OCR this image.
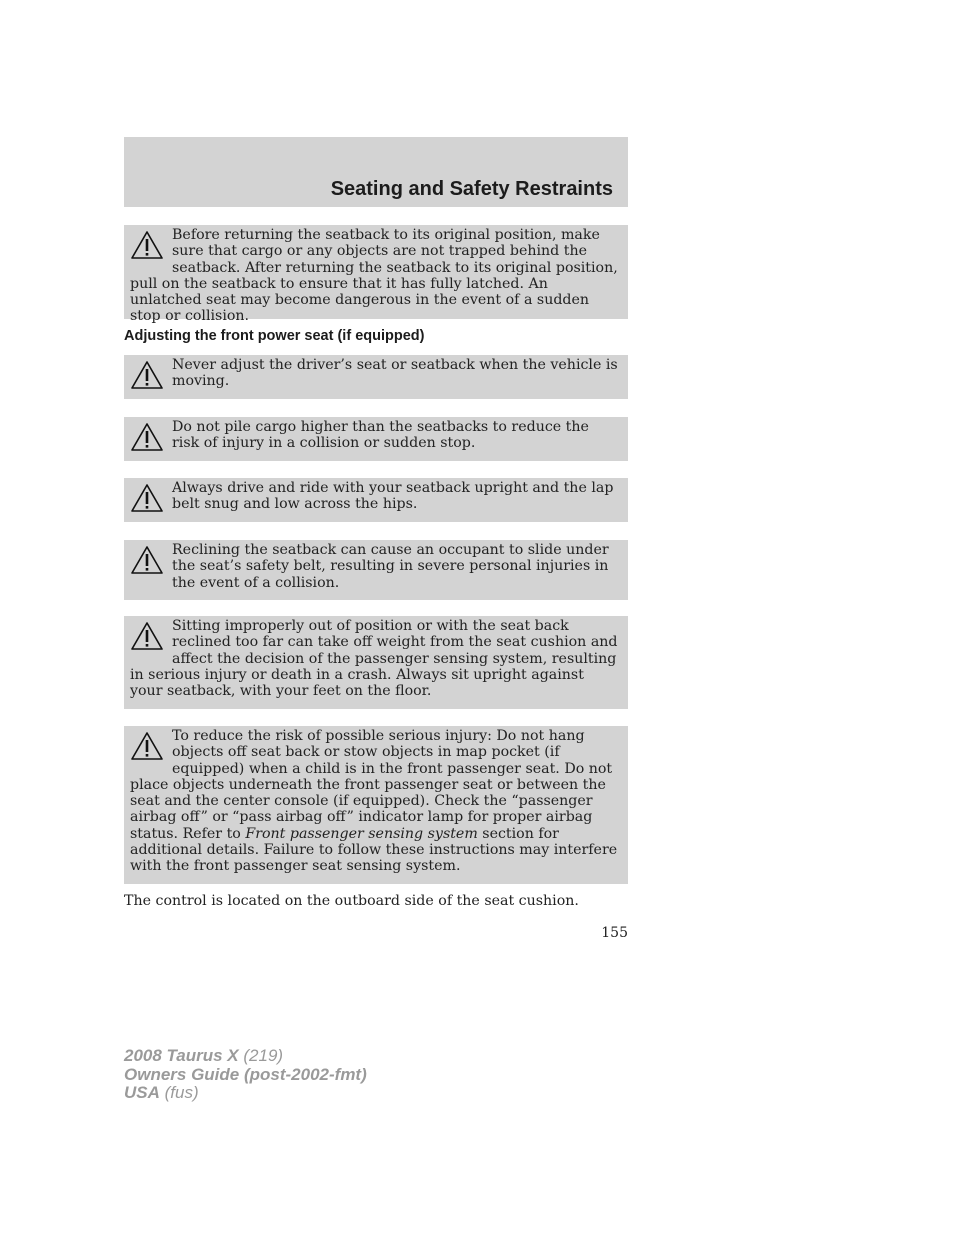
Seating and Safety Restraints
Before returning the seatback to its original position, make sure that cargo or any objects are not trapped behind the seatback. After returning the seatback to its original position, pull on the seatback to ensure that it has fully latched. An unlatched seat may become dangerous in the event of a sudden stop or collision.
Adjusting the front power seat (if equipped)
Never adjust the driver’s seat or seatback when the vehicle is moving.
Do not pile cargo higher than the seatbacks to reduce the risk of injury in a collision or sudden stop.
Always drive and ride with your seatback upright and the lap belt snug and low across the hips.
Reclining the seatback can cause an occupant to slide under the seat’s safety belt, resulting in severe personal injuries in the event of a collision.
Sitting improperly out of position or with the seat back reclined too far can take off weight from the seat cushion and affect the decision of the passenger sensing system, resulting in serious injury or death in a crash. Always sit upright against your seatback, with your feet on the floor.
To reduce the risk of possible serious injury: Do not hang objects off seat back or stow objects in map pocket (if equipped) when a child is in the front passenger seat. Do not place objects underneath the front passenger seat or between the seat and the center console (if equipped). Check the “passenger airbag off” or “pass airbag off” indicator lamp for proper airbag status. Refer to Front passenger sensing system section for additional details. Failure to follow these instructions may interfere with the front passenger seat sensing system.
The control is located on the outboard side of the seat cushion.
155
2008 Taurus X (219)
Owners Guide (post-2002-fmt)
USA (fus)
